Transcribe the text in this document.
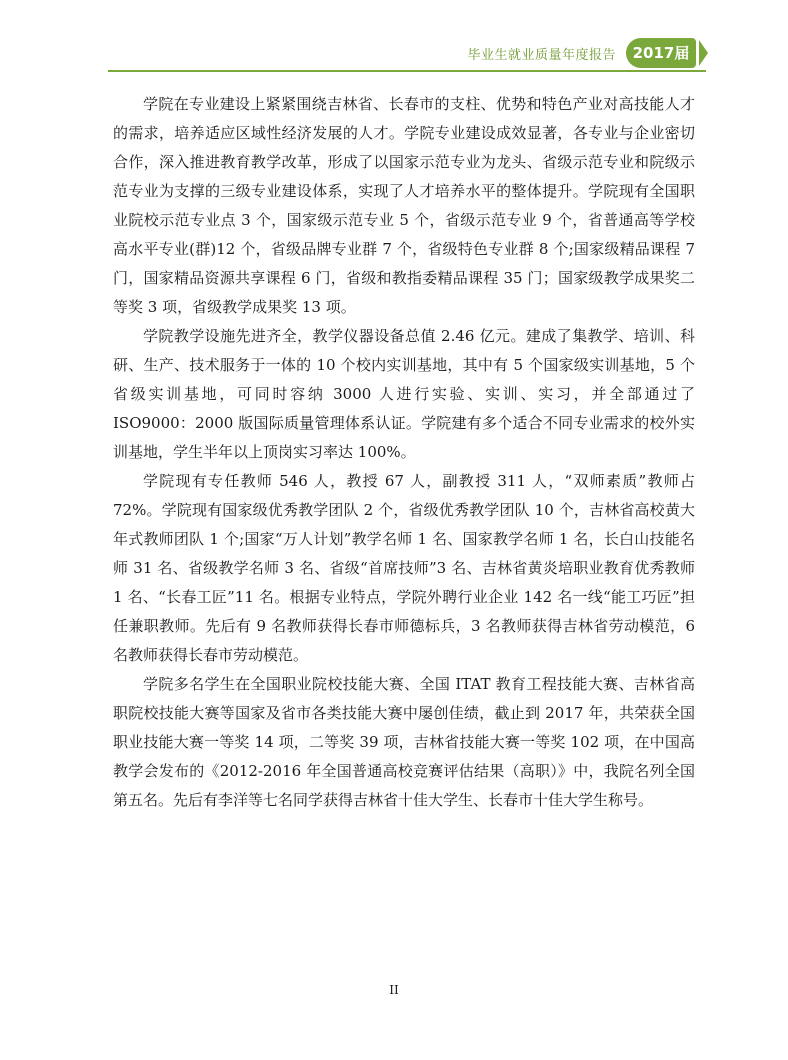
毕业生就业质量年度报告	2017届

学院在专业建设上紧紧围绕吉林省、长春市的支柱、优势和特色产业对高技能人才的需求，培养适应区域性经济发展的人才。学院专业建设成效显著，各专业与企业密切合作，深入推进教育教学改革，形成了以国家示范专业为龙头、省级示范专业和院级示范专业为支撑的三级专业建设体系，实现了人才培养水平的整体提升。学院现有全国职业院校示范专业点 3 个，国家级示范专业 5 个，省级示范专业 9 个，省普通高等学校高水平专业(群)12 个，省级品牌专业群 7 个，省级特色专业群 8 个;国家级精品课程 7 门，国家精品资源共享课程 6 门，省级和教指委精品课程 35 门；国家级教学成果奖二等奖 3 项，省级教学成果奖 13 项。

学院教学设施先进齐全，教学仪器设备总值 2.46 亿元。建成了集教学、培训、科研、生产、技术服务于一体的 10 个校内实训基地，其中有 5 个国家级实训基地，5 个省级实训基地，可同时容纳 3000 人进行实验、实训、实习，并全部通过了 ISO9000：2000 版国际质量管理体系认证。学院建有多个适合不同专业需求的校外实训基地，学生半年以上顶岗实习率达 100%。

学院现有专任教师 546 人，教授 67 人，副教授 311 人，“双师素质”教师占 72%。学院现有国家级优秀教学团队 2 个，省级优秀教学团队 10 个，吉林省高校黄大年式教师团队 1 个;国家“万人计划”教学名师 1 名、国家教学名师 1 名，长白山技能名师 31 名、省级教学名师 3 名、省级“首席技师”3 名、吉林省黄炎培职业教育优秀教师 1 名、“长春工匠”11 名。根据专业特点，学院外聘行业企业 142 名一线“能工巧匠”担任兼职教师。先后有 9 名教师获得长春市师德标兵，3 名教师获得吉林省劳动模范，6 名教师获得长春市劳动模范。

学院多名学生在全国职业院校技能大赛、全国 ITAT 教育工程技能大赛、吉林省高职院校技能大赛等国家及省市各类技能大赛中屡创佳绩，截止到 2017 年，共荣获全国职业技能大赛一等奖 14 项，二等奖 39 项，吉林省技能大赛一等奖 102 项，在中国高教学会发布的《2012-2016 年全国普通高校竞赛评估结果（高职）》中，我院名列全国第五名。先后有李洋等七名同学获得吉林省十佳大学生、长春市十佳大学生称号。

II
